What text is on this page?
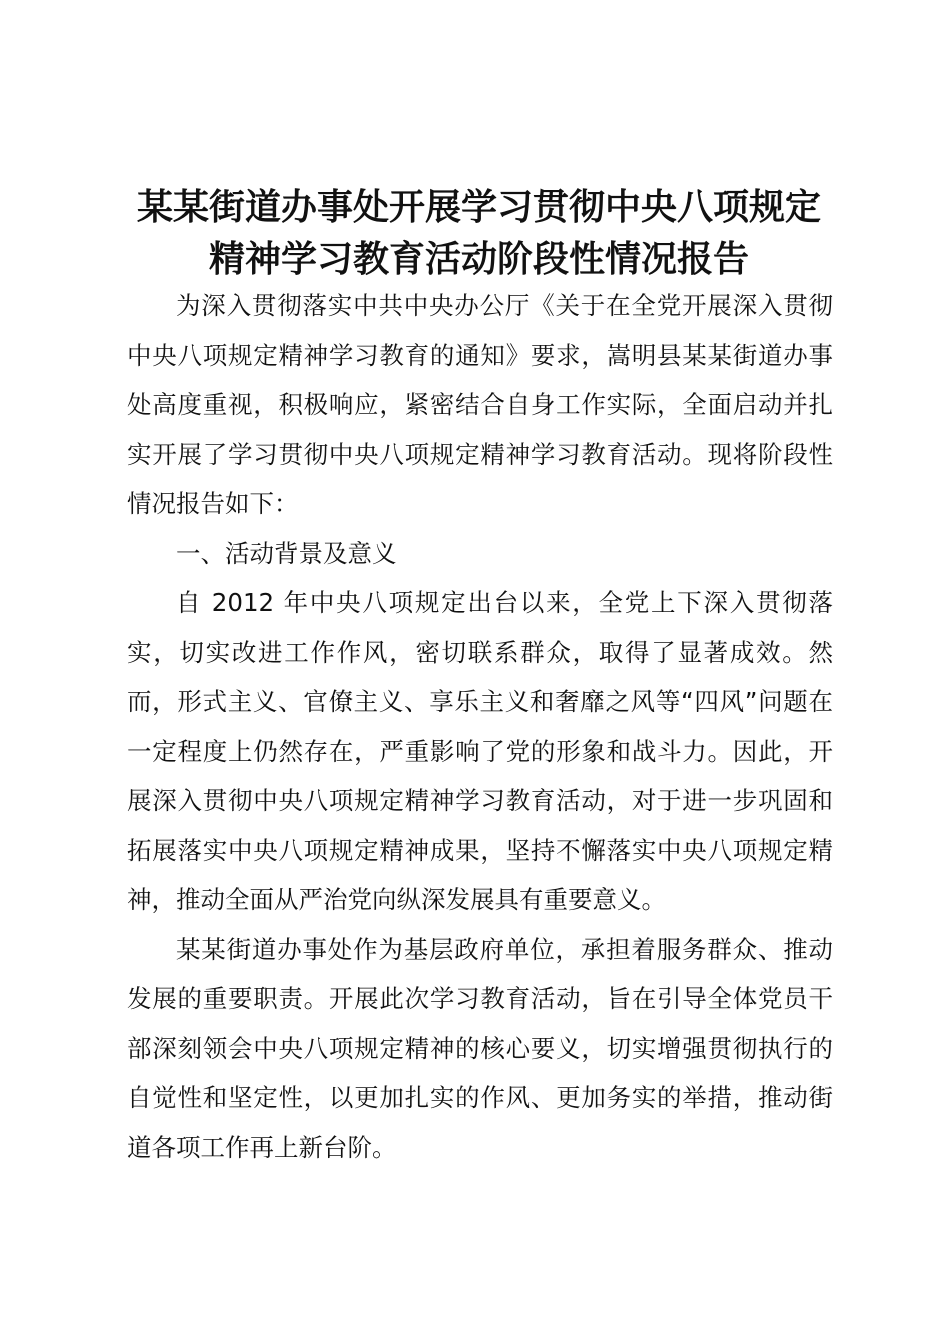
某某街道办事处开展学习贯彻中央八项规定精神学习教育活动阶段性情况报告

为深入贯彻落实中共中央办公厅《关于在全党开展深入贯彻中央八项规定精神学习教育的通知》要求，嵩明县某某街道办事处高度重视，积极响应，紧密结合自身工作实际，全面启动并扎实开展了学习贯彻中央八项规定精神学习教育活动。现将阶段性情况报告如下：

一、活动背景及意义

自 2012 年中央八项规定出台以来，全党上下深入贯彻落实，切实改进工作作风，密切联系群众，取得了显著成效。然而，形式主义、官僚主义、享乐主义和奢靡之风等“四风”问题在一定程度上仍然存在，严重影响了党的形象和战斗力。因此，开展深入贯彻中央八项规定精神学习教育活动，对于进一步巩固和拓展落实中央八项规定精神成果，坚持不懈落实中央八项规定精神，推动全面从严治党向纵深发展具有重要意义。

某某街道办事处作为基层政府单位，承担着服务群众、推动发展的重要职责。开展此次学习教育活动，旨在引导全体党员干部深刻领会中央八项规定精神的核心要义，切实增强贯彻执行的自觉性和坚定性，以更加扎实的作风、更加务实的举措，推动街道各项工作再上新台阶。
